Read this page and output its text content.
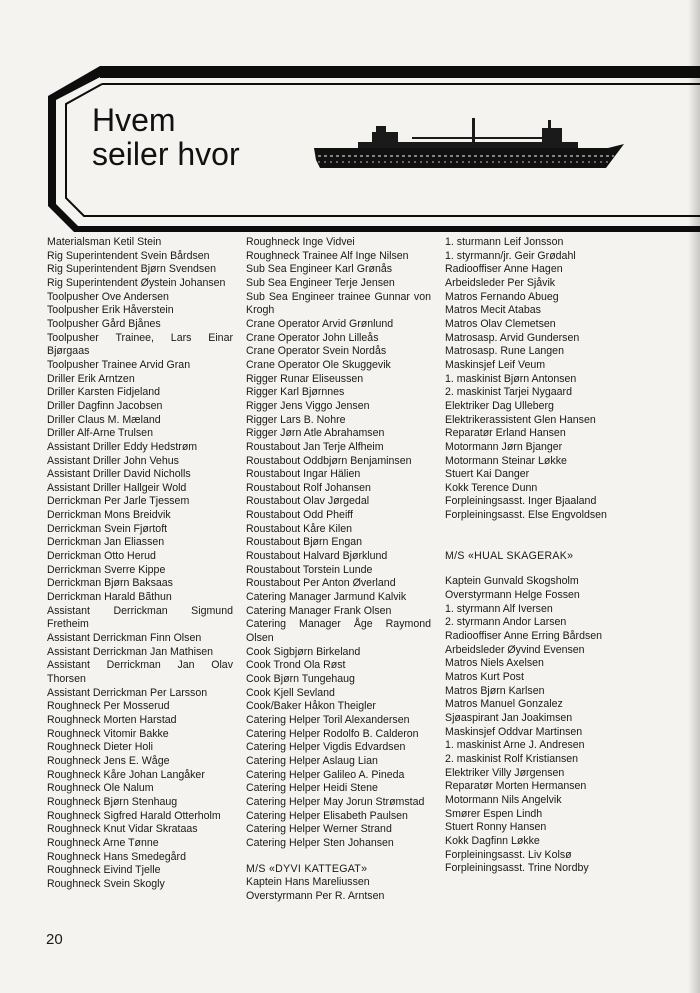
Hvem
seiler hvor

Materialsman Ketil Stein

Rig Superintendent Svein Bårdsen

Rig Superintendent Bjørn Svendsen

Rig Superintendent Øystein Johansen

Toolpusher Ove Andersen

Toolpusher Erik Håverstein

Toolpusher Gård Bjånes

Toolpusher Trainee, Lars Einar Bjørgaas

Toolpusher Trainee Arvid Gran

Driller Erik Arntzen

Driller Karsten Fidjeland

Driller Dagfinn Jacobsen

Driller Claus M. Mæland

Driller Alf-Arne Trulsen

Assistant Driller Eddy Hedstrøm

Assistant Driller John Vehus

Assistant Driller David Nicholls

Assistant Driller Hallgeir Wold

Derrickman Per Jarle Tjessem

Derrickman Mons Breidvik

Derrickman Svein Fjørtoft

Derrickman Jan Eliassen

Derrickman Otto Herud

Derrickman Sverre Kippe

Derrickman Bjørn Baksaas

Derrickman Harald Bãthun

Assistant Derrickman Sigmund Fretheim

Assistant Derrickman Finn Olsen

Assistant Derrickman Jan Mathisen

Assistant Derrickman Jan Olav Thorsen

Assistant Derrickman Per Larsson

Roughneck Per Mosserud

Roughneck Morten Harstad

Roughneck Vitomir Bakke

Roughneck Dieter Holi

Roughneck Jens E. Wåge

Roughneck Kåre Johan Langåker

Roughneck Ole Nalum

Roughneck Bjørn Stenhaug

Roughneck Sigfred Harald Otterholm

Roughneck Knut Vidar Skrataas

Roughneck Arne Tønne

Roughneck Hans Smedegård

Roughneck Eivind Tjelle

Roughneck Svein Skogly

Roughneck Inge Vidvei

Roughneck Trainee Alf Inge Nilsen

Sub Sea Engineer Karl Grønås

Sub Sea Engineer Terje Jensen

Sub Sea Engineer trainee Gunnar von Krogh

Crane Operator Arvid Grønlund

Crane Operator John Lilleås

Crane Operator Svein Nordås

Crane Operator Ole Skuggevik

Rigger Runar Eliseussen

Rigger Karl Bjørnnes

Rigger Jens Viggo Jensen

Rigger Lars B. Nohre

Rigger Jørn Atle Abrahamsen

Roustabout Jan Terje Alfheim

Roustabout Oddbjørn Benjaminsen

Roustabout Ingar Hälien

Roustabout Rolf Johansen

Roustabout Olav Jørgedal

Roustabout Odd Pheiff

Roustabout Kåre Kilen

Roustabout Bjørn Engan

Roustabout Halvard Bjørklund

Roustabout Torstein Lunde

Roustabout Per Anton Øverland

Catering Manager Jarmund Kalvik

Catering Manager Frank Olsen

Catering Manager Åge Raymond Olsen

Cook Sigbjørn Birkeland

Cook Trond Ola Røst

Cook Bjørn Tungehaug

Cook Kjell Sevland

Cook/Baker Håkon Theigler

Catering Helper Toril Alexandersen

Catering Helper Rodolfo B. Calderon

Catering Helper Vigdis Edvardsen

Catering Helper Aslaug Lian

Catering Helper Galileo A. Pineda

Catering Helper Heidi Stene

Catering Helper May Jorun Strømstad

Catering Helper Elisabeth Paulsen

Catering Helper Werner Strand

Catering Helper Sten Johansen

M/S «DYVI KATTEGAT»

Kaptein Hans Mareliussen

Overstyrmann Per R. Arntsen

1. sturmann Leif Jonsson

1. styrmann/jr. Geir Grødahl

Radiooffiser Anne Hagen

Arbeidsleder Per Sjåvik

Matros Fernando Abueg

Matros Mecit Atabas

Matros Olav Clemetsen

Matrosasp. Arvid Gundersen

Matrosasp. Rune Langen

Maskinsjef Leif Veum

1. maskinist Bjørn Antonsen

2. maskinist Tarjei Nygaard

Elektriker Dag Ulleberg

Elektrikerassistent Glen Hansen

Reparatør Erland Hansen

Motormann Jørn Bjanger

Motormann Steinar Løkke

Stuert Kai Danger

Kokk Terence Dunn

Forpleiningsasst. Inger Bjaaland

Forpleiningsasst. Else Engvoldsen

M/S «HUAL SKAGERAK»

Kaptein Gunvald Skogsholm

Overstyrmann Helge Fossen

1. styrmann Alf Iversen

2. styrmann Andor Larsen

Radiooffiser Anne Erring Bårdsen

Arbeidsleder Øyvind Evensen

Matros Niels Axelsen

Matros Kurt Post

Matros Bjørn Karlsen

Matros Manuel Gonzalez

Sjøaspirant Jan Joakimsen

Maskinsjef Oddvar Martinsen

1. maskinist Arne J. Andresen

2. maskinist Rolf Kristiansen

Elektriker Villy Jørgensen

Reparatør Morten Hermansen

Motormann Nils Angelvik

Smører Espen Lindh

Stuert Ronny Hansen

Kokk Dagfinn Løkke

Forpleiningsasst. Liv Kolsø

Forpleiningsasst. Trine Nordby

20
